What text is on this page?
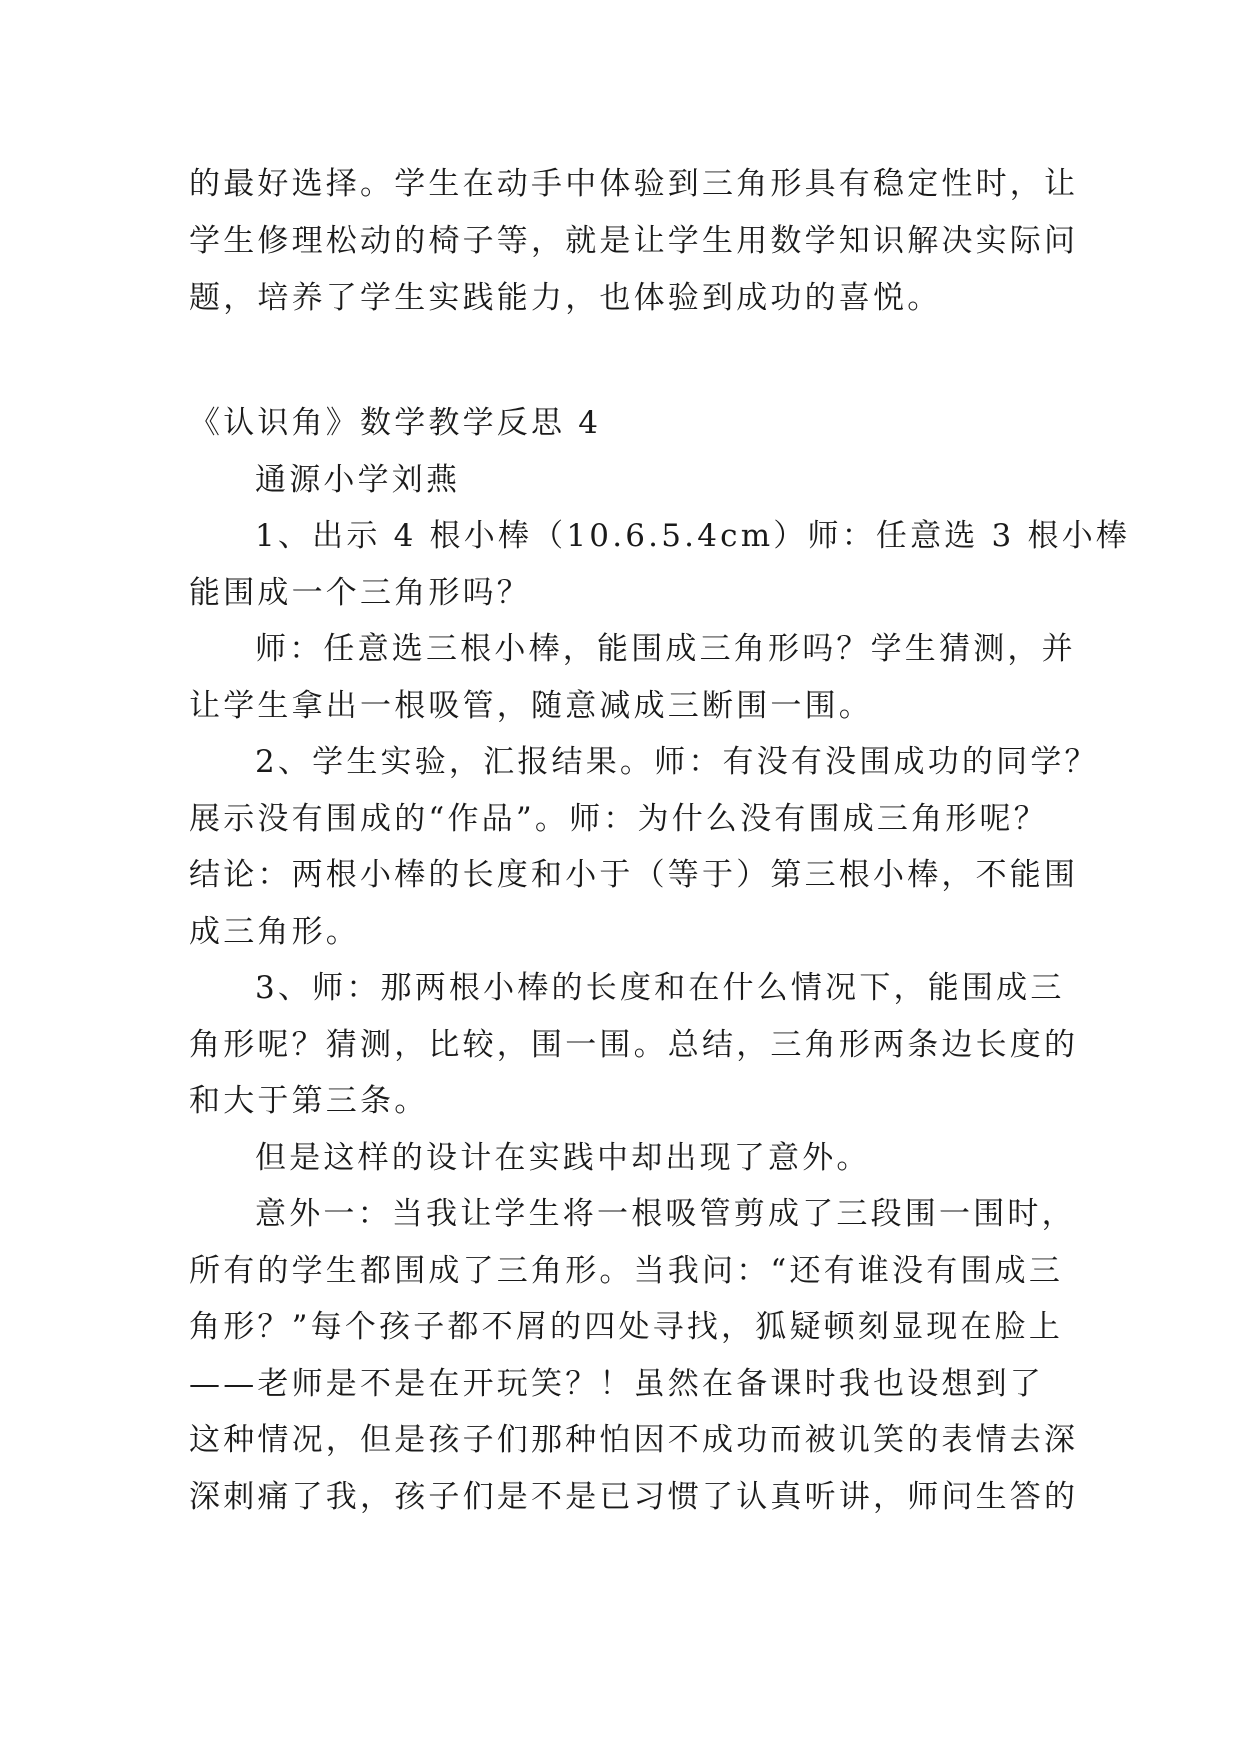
的最好选择。学生在动手中体验到三角形具有稳定性时，让
学生修理松动的椅子等，就是让学生用数学知识解决实际问
题，培养了学生实践能力，也体验到成功的喜悦。
《认识角》数学教学反思 4
通源小学刘燕
1、出示 4 根小棒（10.6.5.4cm）师：任意选 3 根小棒
能围成一个三角形吗？
师：任意选三根小棒，能围成三角形吗？学生猜测，并
让学生拿出一根吸管，随意减成三断围一围。
2、学生实验，汇报结果。师：有没有没围成功的同学？
展示没有围成的“作品”。师：为什么没有围成三角形呢？
结论：两根小棒的长度和小于（等于）第三根小棒，不能围
成三角形。
3、师：那两根小棒的长度和在什么情况下，能围成三
角形呢？猜测，比较，围一围。总结，三角形两条边长度的
和大于第三条。
但是这样的设计在实践中却出现了意外。
意外一：当我让学生将一根吸管剪成了三段围一围时，
所有的学生都围成了三角形。当我问：“还有谁没有围成三
角形？”每个孩子都不屑的四处寻找，狐疑顿刻显现在脸上
——老师是不是在开玩笑？！虽然在备课时我也设想到了
这种情况，但是孩子们那种怕因不成功而被讥笑的表情去深
深刺痛了我，孩子们是不是已习惯了认真听讲，师问生答的
